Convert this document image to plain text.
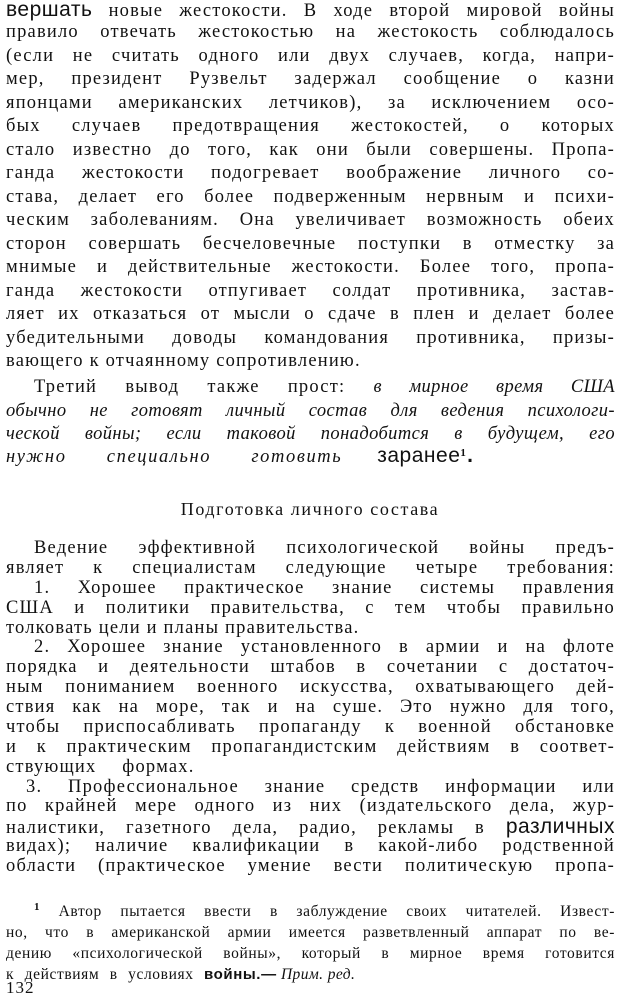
вершать новые жестокости. В ходе второй мировой войны
правило отвечать жестокостью на жестокость соблюдалось
(если не считать одного или двух случаев, когда, напри-
мер, президент Рузвельт задержал сообщение о казни
японцами американских летчиков), за исключением осо-
бых случаев предотвращения жестокостей, о которых
стало известно до того, как они были совершены. Пропа-
ганда жестокости подогревает воображение личного со-
става, делает его более подверженным нервным и психи-
ческим заболеваниям. Она увеличивает возможность обеих
сторон совершать бесчеловечные поступки в отместку за
мнимые и действительные жестокости. Более того, пропа-
ганда жестокости отпугивает солдат противника, застав-
ляет их отказаться от мысли о сдаче в плен и делает более
убедительными доводы командования противника, призы-
вающего к отчаянному сопротивлению.
Третий вывод также прост: в мирное время США
обычно не готовят личный состав для ведения психологи-
ческой войны; если таковой понадобится в будущем, его
нужно специально готовить заранее$^1$.
Подготовка личного состава
Ведение эффективной психологической войны предъ-
являет к специалистам следующие четыре требования:
1. Хорошее практическое знание системы правления
США и политики правительства, с тем чтобы правильно
толковать цели и планы правительства.
2. Хорошее знание установленного в армии и на флоте
порядка и деятельности штабов в сочетании с достаточ-
ным пониманием военного искусства, охватывающего дей-
ствия как на море, так и на суше. Это нужно для того,
чтобы приспосабливать пропаганду к военной обстановке
и к практическим пропагандистским действиям в соответ-
ствующих формах.
3. Профессиональное знание средств информации или
по крайней мере одного из них (издательского дела, жур-
налистики, газетного дела, радио, рекламы в различных
видах); наличие квалификации в какой-либо родственной
области (практическое умение вести политическую пропа-
$^1$ Автор пытается ввести в заблуждение своих читателей. Извест-
но, что в американской армии имеется разветвленный аппарат по ве-
дению «психологической войны», который в мирное время готовится
к действиям в условиях войны.— Прим. ред.
132
